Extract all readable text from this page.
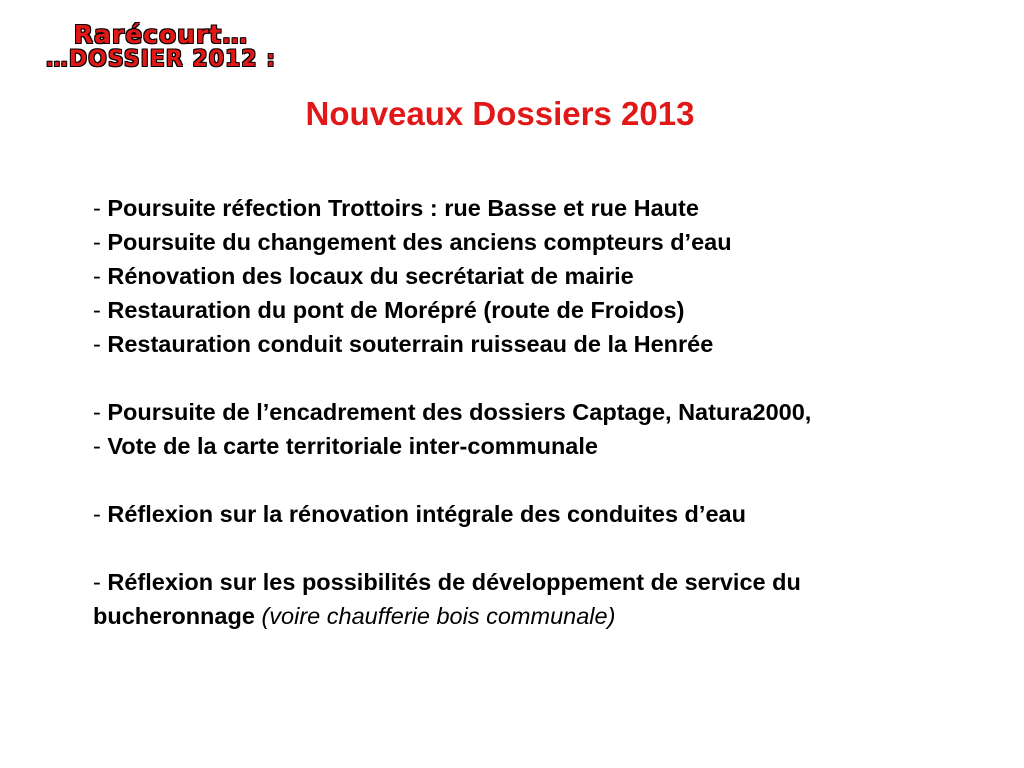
Rarécourt…
…DOSSIER 2012 :
Nouveaux Dossiers 2013
- Poursuite réfection Trottoirs : rue Basse et rue Haute
- Poursuite du changement des anciens compteurs d’eau
- Rénovation des locaux du secrétariat de mairie
- Restauration du pont de Morépré (route de Froidos)
- Restauration conduit souterrain ruisseau de la Henrée
- Poursuite de l’encadrement des dossiers Captage, Natura2000,
- Vote de la carte territoriale inter-communale
- Réflexion sur la rénovation intégrale des conduites d’eau
- Réflexion sur les possibilités de développement de service du
bucheronnage (voire chaufferie bois communale)
